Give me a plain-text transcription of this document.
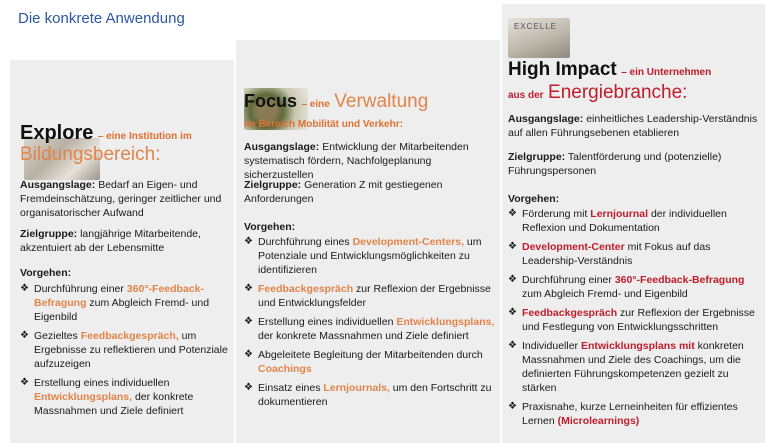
Die konkrete Anwendung
Explore – eine Institution im
Bildungsbereich:
Ausgangslage: Bedarf an Eigen- und Fremdeinschätzung, geringer zeitlicher und organisatorischer Aufwand
Zielgruppe: langjährige Mitarbeitende, akzentuiert ab der Lebensmitte
Vorgehen:
❖ Durchführung einer 360°-Feedback-Befragung zum Abgleich Fremd- und Eigenbild
❖ Gezieltes Feedbackgespräch, um Ergebnisse zu reflektieren und Potenziale aufzuzeigen
❖ Erstellung eines individuellen Entwicklungsplans, der konkrete Massnahmen und Ziele definiert
Focus – eine Verwaltung
im Bereich Mobilität und Verkehr:
Ausgangslage: Entwicklung der Mitarbeitenden systematisch fördern, Nachfolgeplanung sicherzustellen
Zielgruppe: Generation Z mit gestiegenen Anforderungen
Vorgehen:
❖ Durchführung eines Development-Centers, um Potenziale und Entwicklungsmöglichkeiten zu identifizieren
❖ Feedbackgespräch zur Reflexion der Ergebnisse und Entwicklungsfelder
❖ Erstellung eines individuellen Entwicklungsplans, der konkrete Massnahmen und Ziele definiert
❖ Abgeleitete Begleitung der Mitarbeitenden durch Coachings
❖ Einsatz eines Lernjournals, um den Fortschritt zu dokumentieren
EXCELLE
High Impact – ein Unternehmen
aus der Energiebranche:
Ausgangslage: einheitliches Leadership-Verständnis auf allen Führungsebenen etablieren
Zielgruppe: Talentförderung und (potenzielle) Führungspersonen
Vorgehen:
❖ Förderung mit Lernjournal der individuellen Reflexion und Dokumentation
❖ Development-Center mit Fokus auf das Leadership-Verständnis
❖ Durchführung einer 360°-Feedback-Befragung zum Abgleich Fremd- und Eigenbild
❖ Feedbackgespräch zur Reflexion der Ergebnisse und Festlegung von Entwicklungsschritten
❖ Individueller Entwicklungsplans mit konkreten Massnahmen und Ziele des Coachings, um die definierten Führungskompetenzen gezielt zu stärken
❖ Praxisnahe, kurze Lerneinheiten für effizientes Lernen (Microlearnings)
